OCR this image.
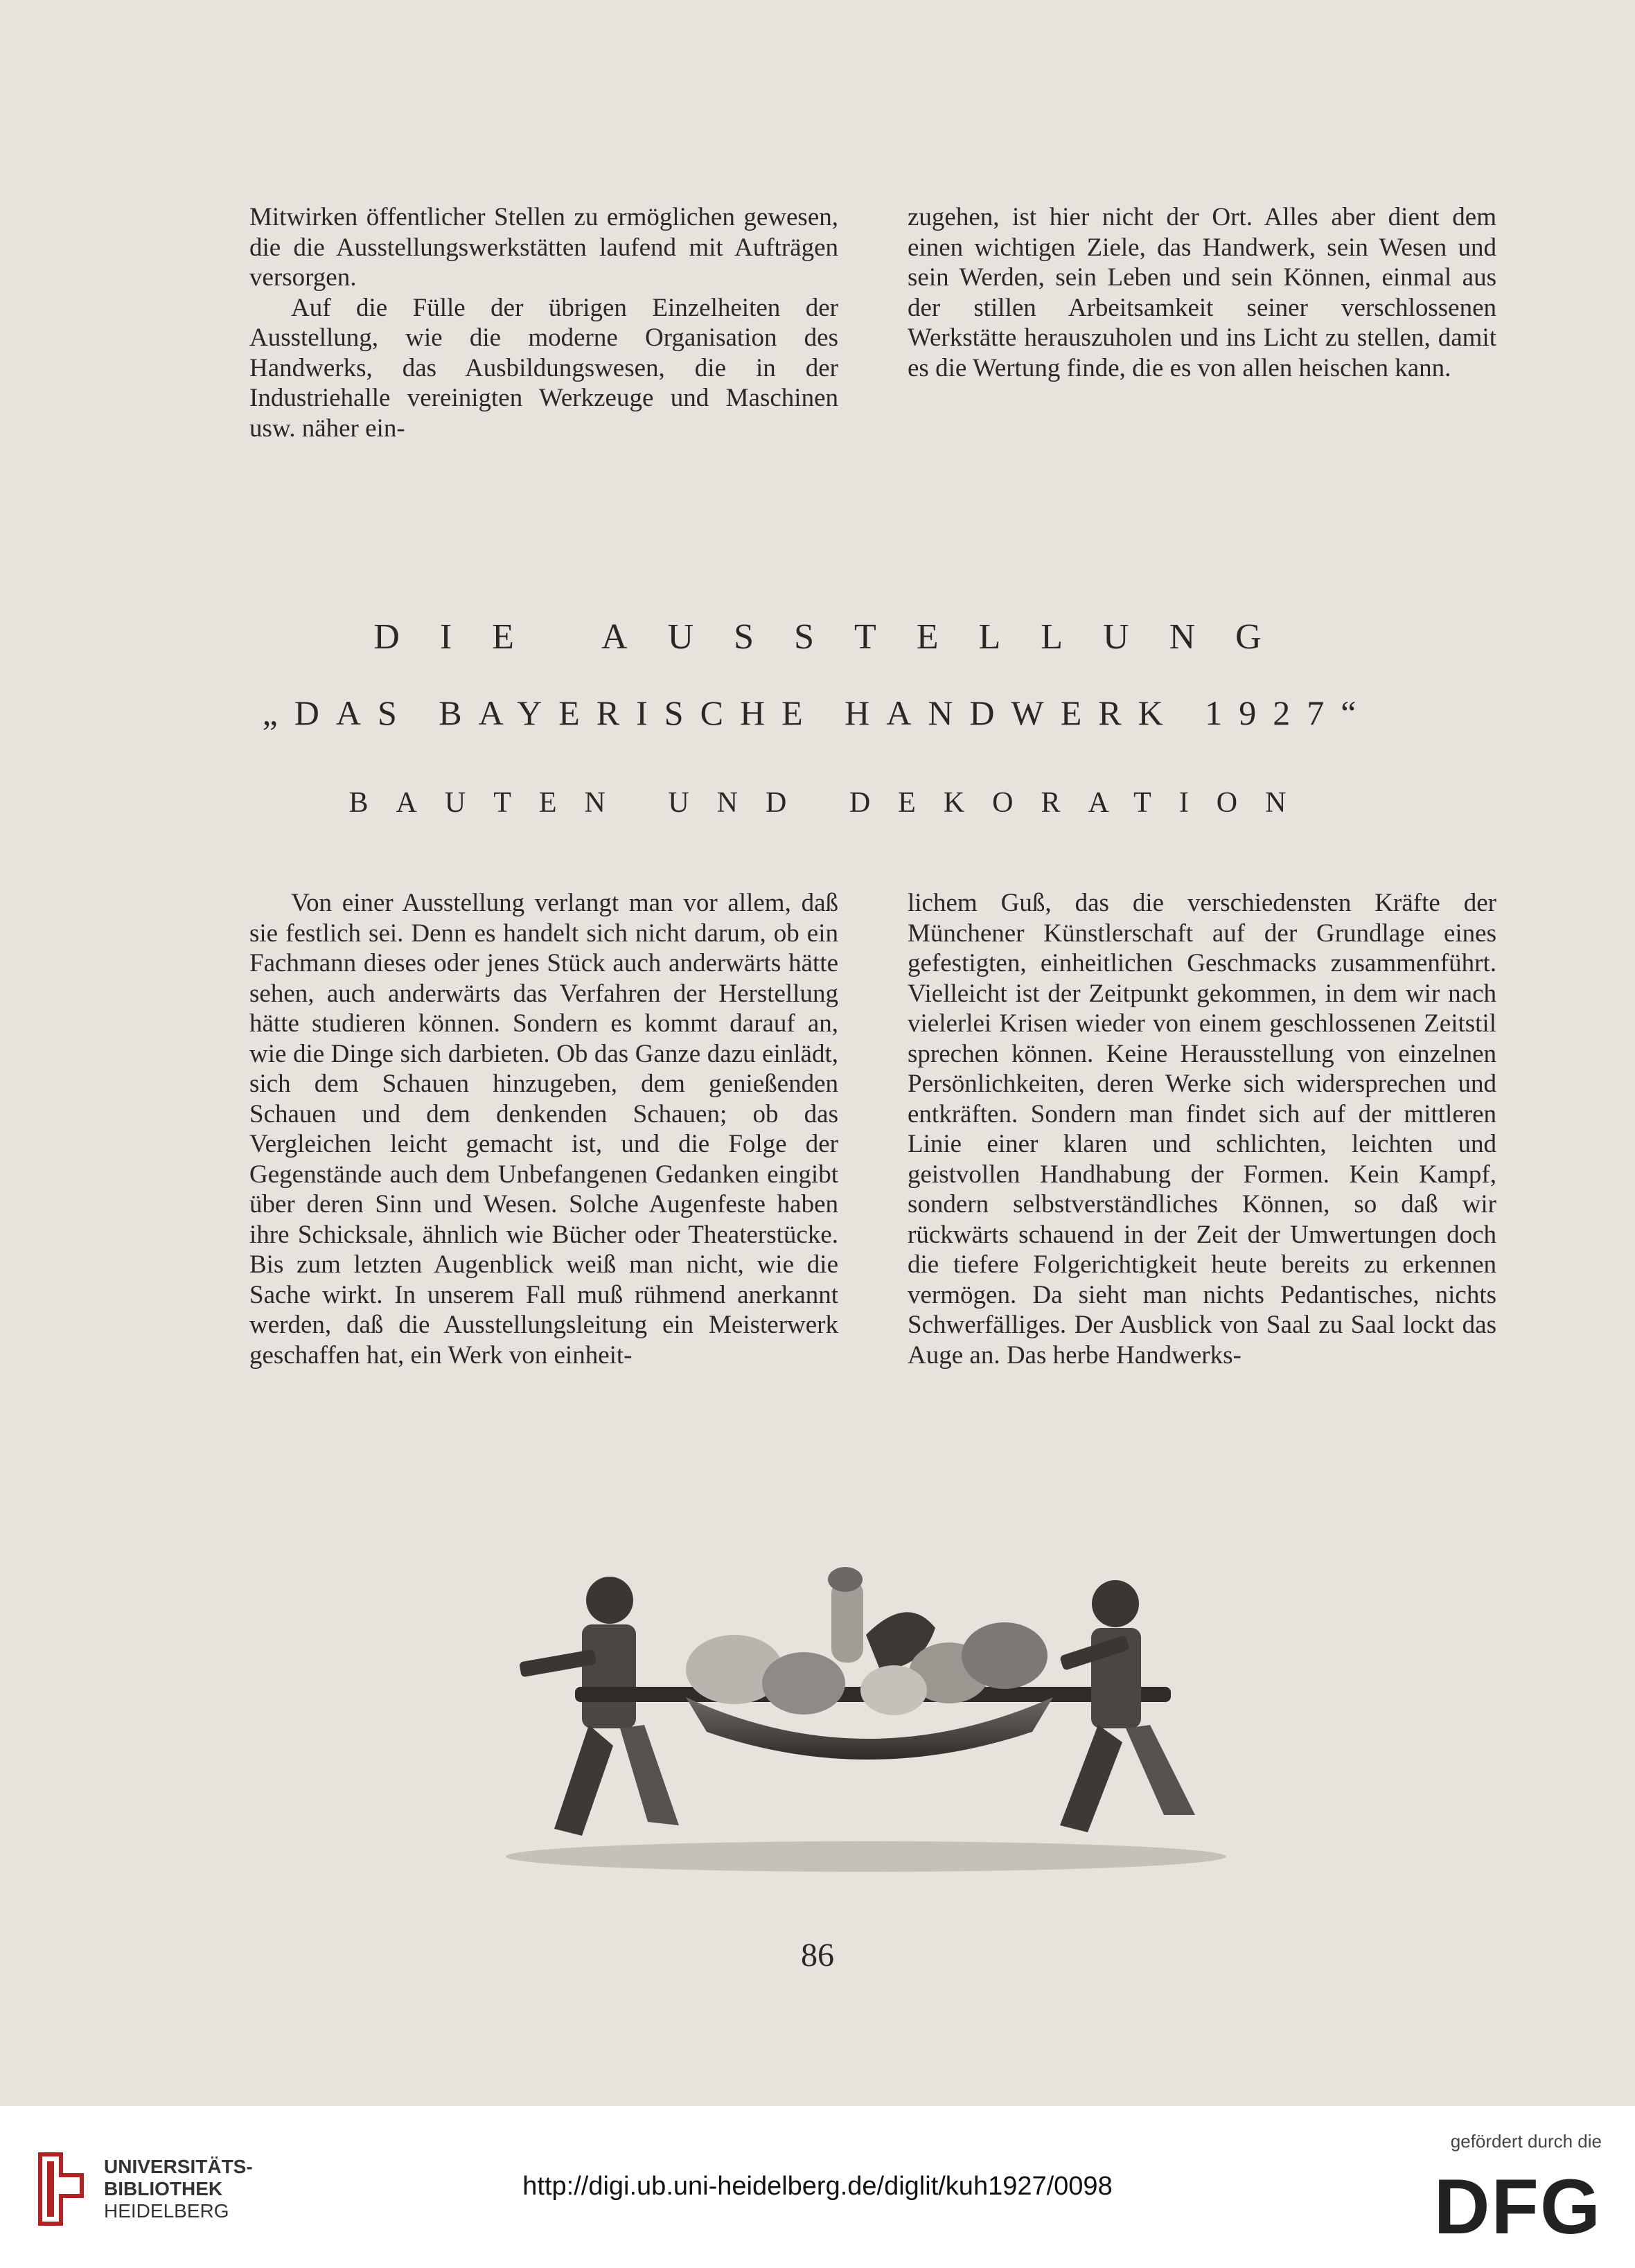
Mitwirken öffentlicher Stellen zu ermöglichen gewesen, die die Ausstellungswerkstätten laufend mit Aufträgen versorgen.

Auf die Fülle der übrigen Einzelheiten der Ausstellung, wie die moderne Organisation des Handwerks, das Ausbildungswesen, die in der Industriehalle vereinigten Werkzeuge und Maschinen usw. näher ein-

zugehen, ist hier nicht der Ort. Alles aber dient dem einen wichtigen Ziele, das Handwerk, sein Wesen und sein Werden, sein Leben und sein Können, einmal aus der stillen Arbeitsamkeit seiner verschlossenen Werkstätte herauszuholen und ins Licht zu stellen, damit es die Wertung finde, die es von allen heischen kann.

DIE AUSSTELLUNG
„DAS BAYERISCHE HANDWERK 1927“
BAUTEN UND DEKORATION

Von einer Ausstellung verlangt man vor allem, daß sie festlich sei. Denn es handelt sich nicht darum, ob ein Fachmann dieses oder jenes Stück auch anderwärts hätte sehen, auch anderwärts das Verfahren der Herstellung hätte studieren können. Sondern es kommt darauf an, wie die Dinge sich darbieten. Ob das Ganze dazu einlädt, sich dem Schauen hinzugeben, dem genießenden Schauen und dem denkenden Schauen; ob das Vergleichen leicht gemacht ist, und die Folge der Gegenstände auch dem Unbefangenen Gedanken eingibt über deren Sinn und Wesen. Solche Augenfeste haben ihre Schicksale, ähnlich wie Bücher oder Theaterstücke. Bis zum letzten Augenblick weiß man nicht, wie die Sache wirkt. In unserem Fall muß rühmend anerkannt werden, daß die Ausstellungsleitung ein Meisterwerk geschaffen hat, ein Werk von einheit-

lichem Guß, das die verschiedensten Kräfte der Münchener Künstlerschaft auf der Grundlage eines gefestigten, einheitlichen Geschmacks zusammenführt. Vielleicht ist der Zeitpunkt gekommen, in dem wir nach vielerlei Krisen wieder von einem geschlossenen Zeitstil sprechen können. Keine Herausstellung von einzelnen Persönlichkeiten, deren Werke sich widersprechen und entkräften. Sondern man findet sich auf der mittleren Linie einer klaren und schlichten, leichten und geistvollen Handhabung der Formen. Kein Kampf, sondern selbstverständliches Können, so daß wir rückwärts schauend in der Zeit der Umwertungen doch die tiefere Folgerichtigkeit heute bereits zu erkennen vermögen. Da sieht man nichts Pedantisches, nichts Schwerfälliges. Der Ausblick von Saal zu Saal lockt das Auge an. Das herbe Handwerks-

86
UNIVERSITÄTS-
BIBLIOTHEK
HEIDELBERG
http://digi.ub.uni-heidelberg.de/diglit/kuh1927/0098
gefördert durch die
DFG
